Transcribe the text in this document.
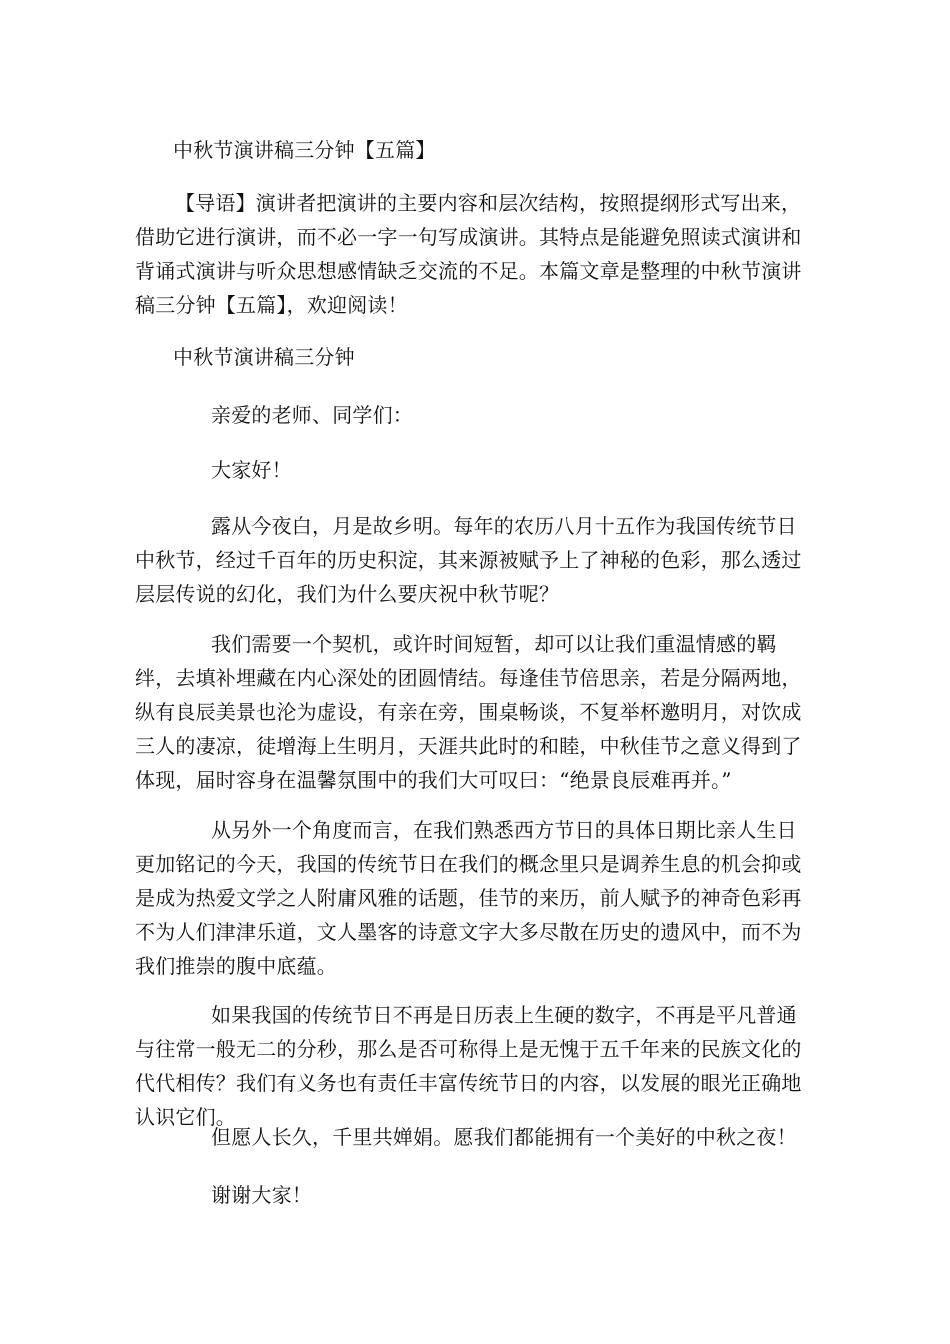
中秋节演讲稿三分钟【五篇】
【导语】演讲者把演讲的主要内容和层次结构，按照提纲形式写出来，借助它进行演讲，而不必一字一句写成演讲。其特点是能避免照读式演讲和背诵式演讲与听众思想感情缺乏交流的不足。本篇文章是整理的中秋节演讲稿三分钟【五篇】，欢迎阅读！
中秋节演讲稿三分钟
亲爱的老师、同学们：
大家好！
露从今夜白，月是故乡明。每年的农历八月十五作为我国传统节日中秋节，经过千百年的历史积淀，其来源被赋予上了神秘的色彩，那么透过层层传说的幻化，我们为什么要庆祝中秋节呢？
我们需要一个契机，或许时间短暂，却可以让我们重温情感的羁绊，去填补埋藏在内心深处的团圆情结。每逢佳节倍思亲，若是分隔两地，纵有良辰美景也沦为虚设，有亲在旁，围桌畅谈，不复举杯邀明月，对饮成三人的凄凉，徒增海上生明月，天涯共此时的和睦，中秋佳节之意义得到了体现，届时容身在温馨氛围中的我们大可叹曰：“绝景良辰难再并。”
从另外一个角度而言，在我们熟悉西方节日的具体日期比亲人生日更加铭记的今天，我国的传统节日在我们的概念里只是调养生息的机会抑或是成为热爱文学之人附庸风雅的话题，佳节的来历，前人赋予的神奇色彩再不为人们津津乐道，文人墨客的诗意文字大多尽散在历史的遗风中，而不为我们推崇的腹中底蕴。
如果我国的传统节日不再是日历表上生硬的数字，不再是平凡普通与往常一般无二的分秒，那么是否可称得上是无愧于五千年来的民族文化的代代相传？我们有义务也有责任丰富传统节日的内容，以发展的眼光正确地认识它们。
但愿人长久，千里共婵娟。愿我们都能拥有一个美好的中秋之夜！
谢谢大家！
